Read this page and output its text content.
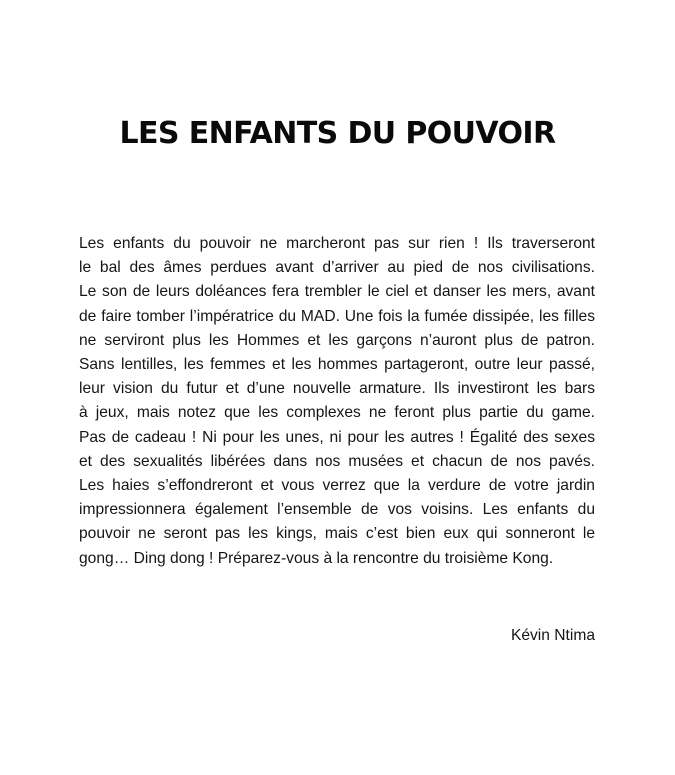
LES ENFANTS DU POUVOIR
Les enfants du pouvoir ne marcheront pas sur rien ! Ils traverseront
le bal des âmes perdues avant d’arriver au pied de nos civilisations.
Le son de leurs doléances fera trembler le ciel et danser les mers, avant
de faire tomber l’impératrice du MAD. Une fois la fumée dissipée, les filles
ne serviront plus les Hommes et les garçons n’auront plus de patron.
Sans lentilles, les femmes et les hommes partageront, outre leur passé,
leur vision du futur et d’une nouvelle armature. Ils investiront les bars
à jeux, mais notez que les complexes ne feront plus partie du game.
Pas de cadeau ! Ni pour les unes, ni pour les autres ! Égalité des sexes
et des sexualités libérées dans nos musées et chacun de nos pavés.
Les haies s’effondreront et vous verrez que la verdure de votre jardin
impressionnera également l’ensemble de vos voisins. Les enfants du
pouvoir ne seront pas les kings, mais c’est bien eux qui sonneront le
gong… Ding dong ! Préparez-vous à la rencontre du troisième Kong.

Kévin Ntima
